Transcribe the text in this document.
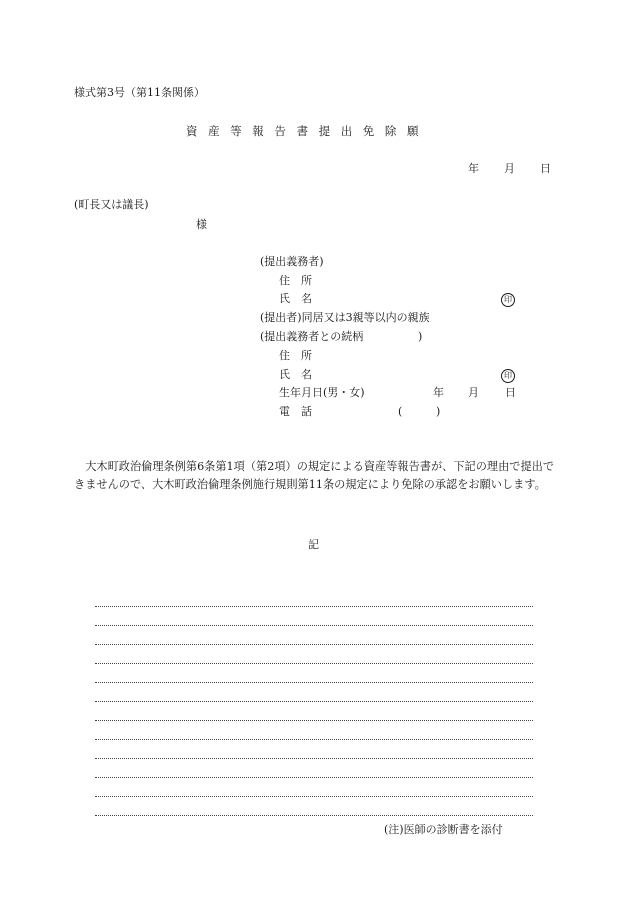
様式第3号（第11条関係）
資産等報告書提出免除願
年 月 日
(町長又は議長)
様
(提出義務者)
住　所
氏　名	印
(提出者)同居又は3親等以内の親族
(提出義務者との続柄	)
住　所
氏　名	印
生年月日(男・女)	年 月 日
電　話	(	)
大木町政治倫理条例第6条第1項（第2項）の規定による資産等報告書が、下記の理由で提出できませんので、大木町政治倫理条例施行規則第11条の規定により免除の承認をお願いします。
記
(注)医師の診断書を添付
